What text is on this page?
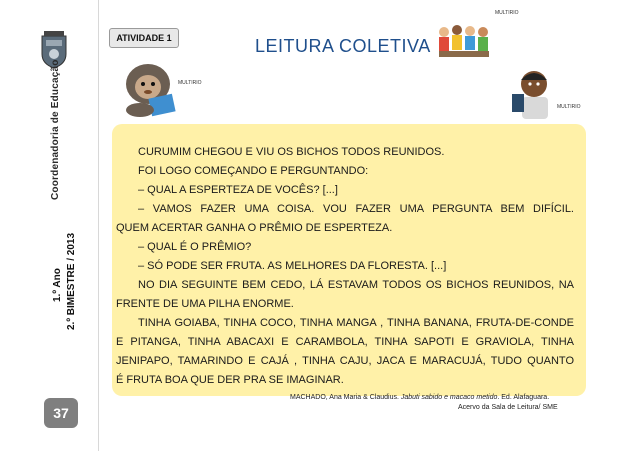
Coordenadoria de Educação
1.º Ano 2.º BIMESTRE / 2013
37
ATIVIDADE 1	LEITURA COLETIVA
MULTIRIO
MULTIRIO
MULTIRIO
CURUMIM CHEGOU E VIU OS BICHOS TODOS REUNIDOS.
FOI LOGO COMEÇANDO E PERGUNTANDO:
– QUAL A ESPERTEZA DE VOCÊS? [...]
– VAMOS FAZER UMA COISA. VOU FAZER UMA PERGUNTA BEM DIFÍCIL.
QUEM ACERTAR GANHA O PRÊMIO DE ESPERTEZA.
– QUAL É O PRÊMIO?
– SÓ PODE SER FRUTA. AS MELHORES DA FLORESTA. [...]
NO DIA SEGUINTE BEM CEDO, LÁ ESTAVAM TODOS OS BICHOS REUNIDOS, NA
FRENTE DE UMA PILHA ENORME.
TINHA GOIABA, TINHA COCO, TINHA MANGA , TINHA BANANA, FRUTA-DE-CONDE
E PITANGA, TINHA ABACAXI E CARAMBOLA, TINHA SAPOTI E GRAVIOLA, TINHA
JENIPAPO, TAMARINDO E CAJÁ , TINHA CAJU, JACA E MARACUJÁ, TUDO QUANTO
É FRUTA BOA QUE DER PRA SE IMAGINAR.
MACHADO, Ana Maria & Claudius. Jabuti sabido e macaco metido. Ed. Alafaguara.
Acervo da Sala de Leitura/ SME
